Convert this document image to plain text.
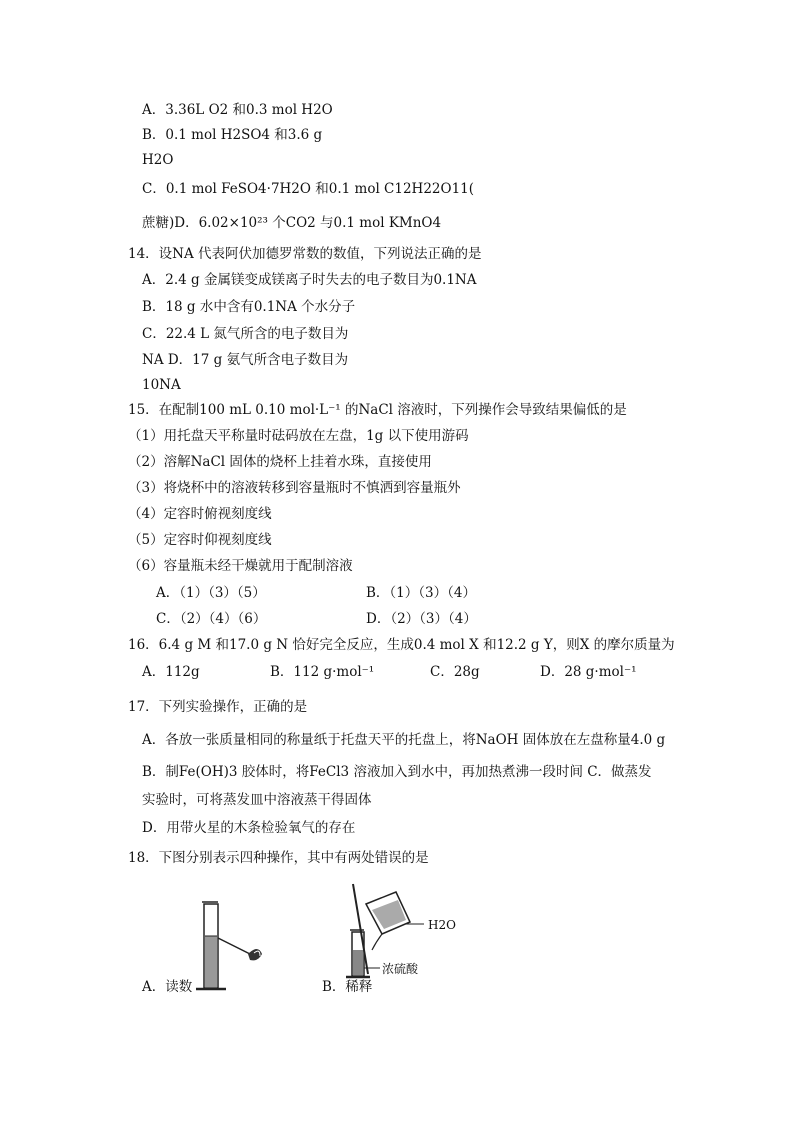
A．3.36L O2 和0.3 mol H2O
B．0.1 mol H2SO4 和3.6 g
H2O
C．0.1 mol FeSO4·7H2O 和0.1 mol C12H22O11(
蔗糖)D．6.02×10²³ 个CO2 与0.1 mol KMnO4
14．设NA 代表阿伏加德罗常数的数值，下列说法正确的是
A．2.4 g 金属镁变成镁离子时失去的电子数目为0.1NA
B．18 g 水中含有0.1NA 个水分子
C．22.4 L 氮气所含的电子数目为
NA D．17 g 氨气所含电子数目为
10NA
15．在配制100 mL 0.10 mol·L⁻¹ 的NaCl 溶液时，下列操作会导致结果偏低的是
（1）用托盘天平称量时砝码放在左盘，1g 以下使用游码
（2）溶解NaCl 固体的烧杯上挂着水珠，直接使用
（3）将烧杯中的溶液转移到容量瓶时不慎洒到容量瓶外
（4）定容时俯视刻度线
（5）定容时仰视刻度线
（6）容量瓶未经干燥就用于配制溶液
A．（1）（3）（5）	B．（1）（3）（4）
C．（2）（4）（6）	D．（2）（3）（4）
16．6.4 g M 和17.0 g N 恰好完全反应，生成0.4 mol X 和12.2 g Y，则X 的摩尔质量为
A．112g	B．112 g·mol⁻¹	C．28g	D．28 g·mol⁻¹
17．下列实验操作，正确的是
A．各放一张质量相同的称量纸于托盘天平的托盘上，将NaOH 固体放在左盘称量4.0 g
B．制Fe(OH)3 胶体时，将FeCl3 溶液加入到水中，再加热煮沸一段时间 C．做蒸发
实验时，可将蒸发皿中溶液蒸干得固体
D．用带火星的木条检验氧气的存在
18．下图分别表示四种操作，其中有两处错误的是
A．读数
H2O
浓硫酸
B．稀释
